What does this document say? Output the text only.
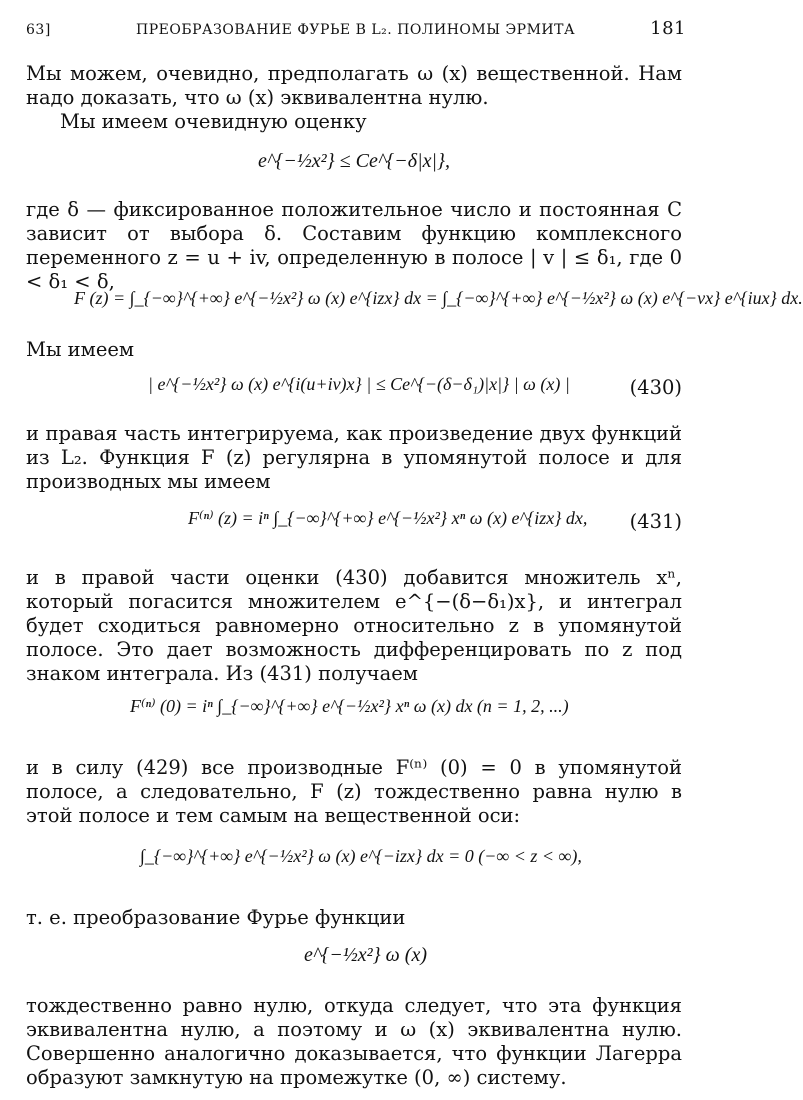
63]	ПРЕОБРАЗОВАНИЕ ФУРЬЕ В L₂. ПОЛИНОМЫ ЭРМИТА	181
Мы можем, очевидно, предполагать ω (x) вещественной. Нам надо доказать, что ω (x) эквивалентна нулю.
Мы имеем очевидную оценку
e^{−½x²} ≤ Ce^{−δ|x|},
где δ — фиксированное положительное число и постоянная C зависит от выбора δ. Составим функцию комплексного переменного z = u + iv, определенную в полосе | v | ≤ δ₁, где 0 < δ₁ < δ,
F (z) = ∫_{−∞}^{+∞} e^{−½x²} ω (x) e^{izx} dx = ∫_{−∞}^{+∞} e^{−½x²} ω (x) e^{−vx} e^{iux} dx.
Мы имеем
| e^{−½x²} ω (x) e^{i(u+iv)x} | ≤ Ce^{−(δ−δ₁)|x|} | ω (x) |	(430)
и правая часть интегрируема, как произведение двух функций из L₂. Функция F (z) регулярна в упомянутой полосе и для производных мы имеем
F⁽ⁿ⁾ (z) = iⁿ ∫_{−∞}^{+∞} e^{−½x²} xⁿ ω (x) e^{izx} dx, (431)
и в правой части оценки (430) добавится множитель xⁿ, который погасится множителем e^{−(δ−δ₁)x}, и интеграл будет сходиться равномерно относительно z в упомянутой полосе. Это дает возможность дифференцировать по z под знаком интеграла. Из (431) получаем
F⁽ⁿ⁾ (0) = iⁿ ∫_{−∞}^{+∞} e^{−½x²} xⁿ ω (x) dx (n = 1, 2, ...)
и в силу (429) все производные F⁽ⁿ⁾ (0) = 0 в упомянутой полосе, а следовательно, F (z) тождественно равна нулю в этой полосе и тем самым на вещественной оси:
∫_{−∞}^{+∞} e^{−½x²} ω (x) e^{−izx} dx = 0 (−∞ < z < ∞),
т. е. преобразование Фурье функции
e^{−½x²} ω (x)
тождественно равно нулю, откуда следует, что эта функция эквивалентна нулю, а поэтому и ω (x) эквивалентна нулю. Совершенно аналогично доказывается, что функции Лагерра образуют замкнутую на промежутке (0, ∞) систему.
